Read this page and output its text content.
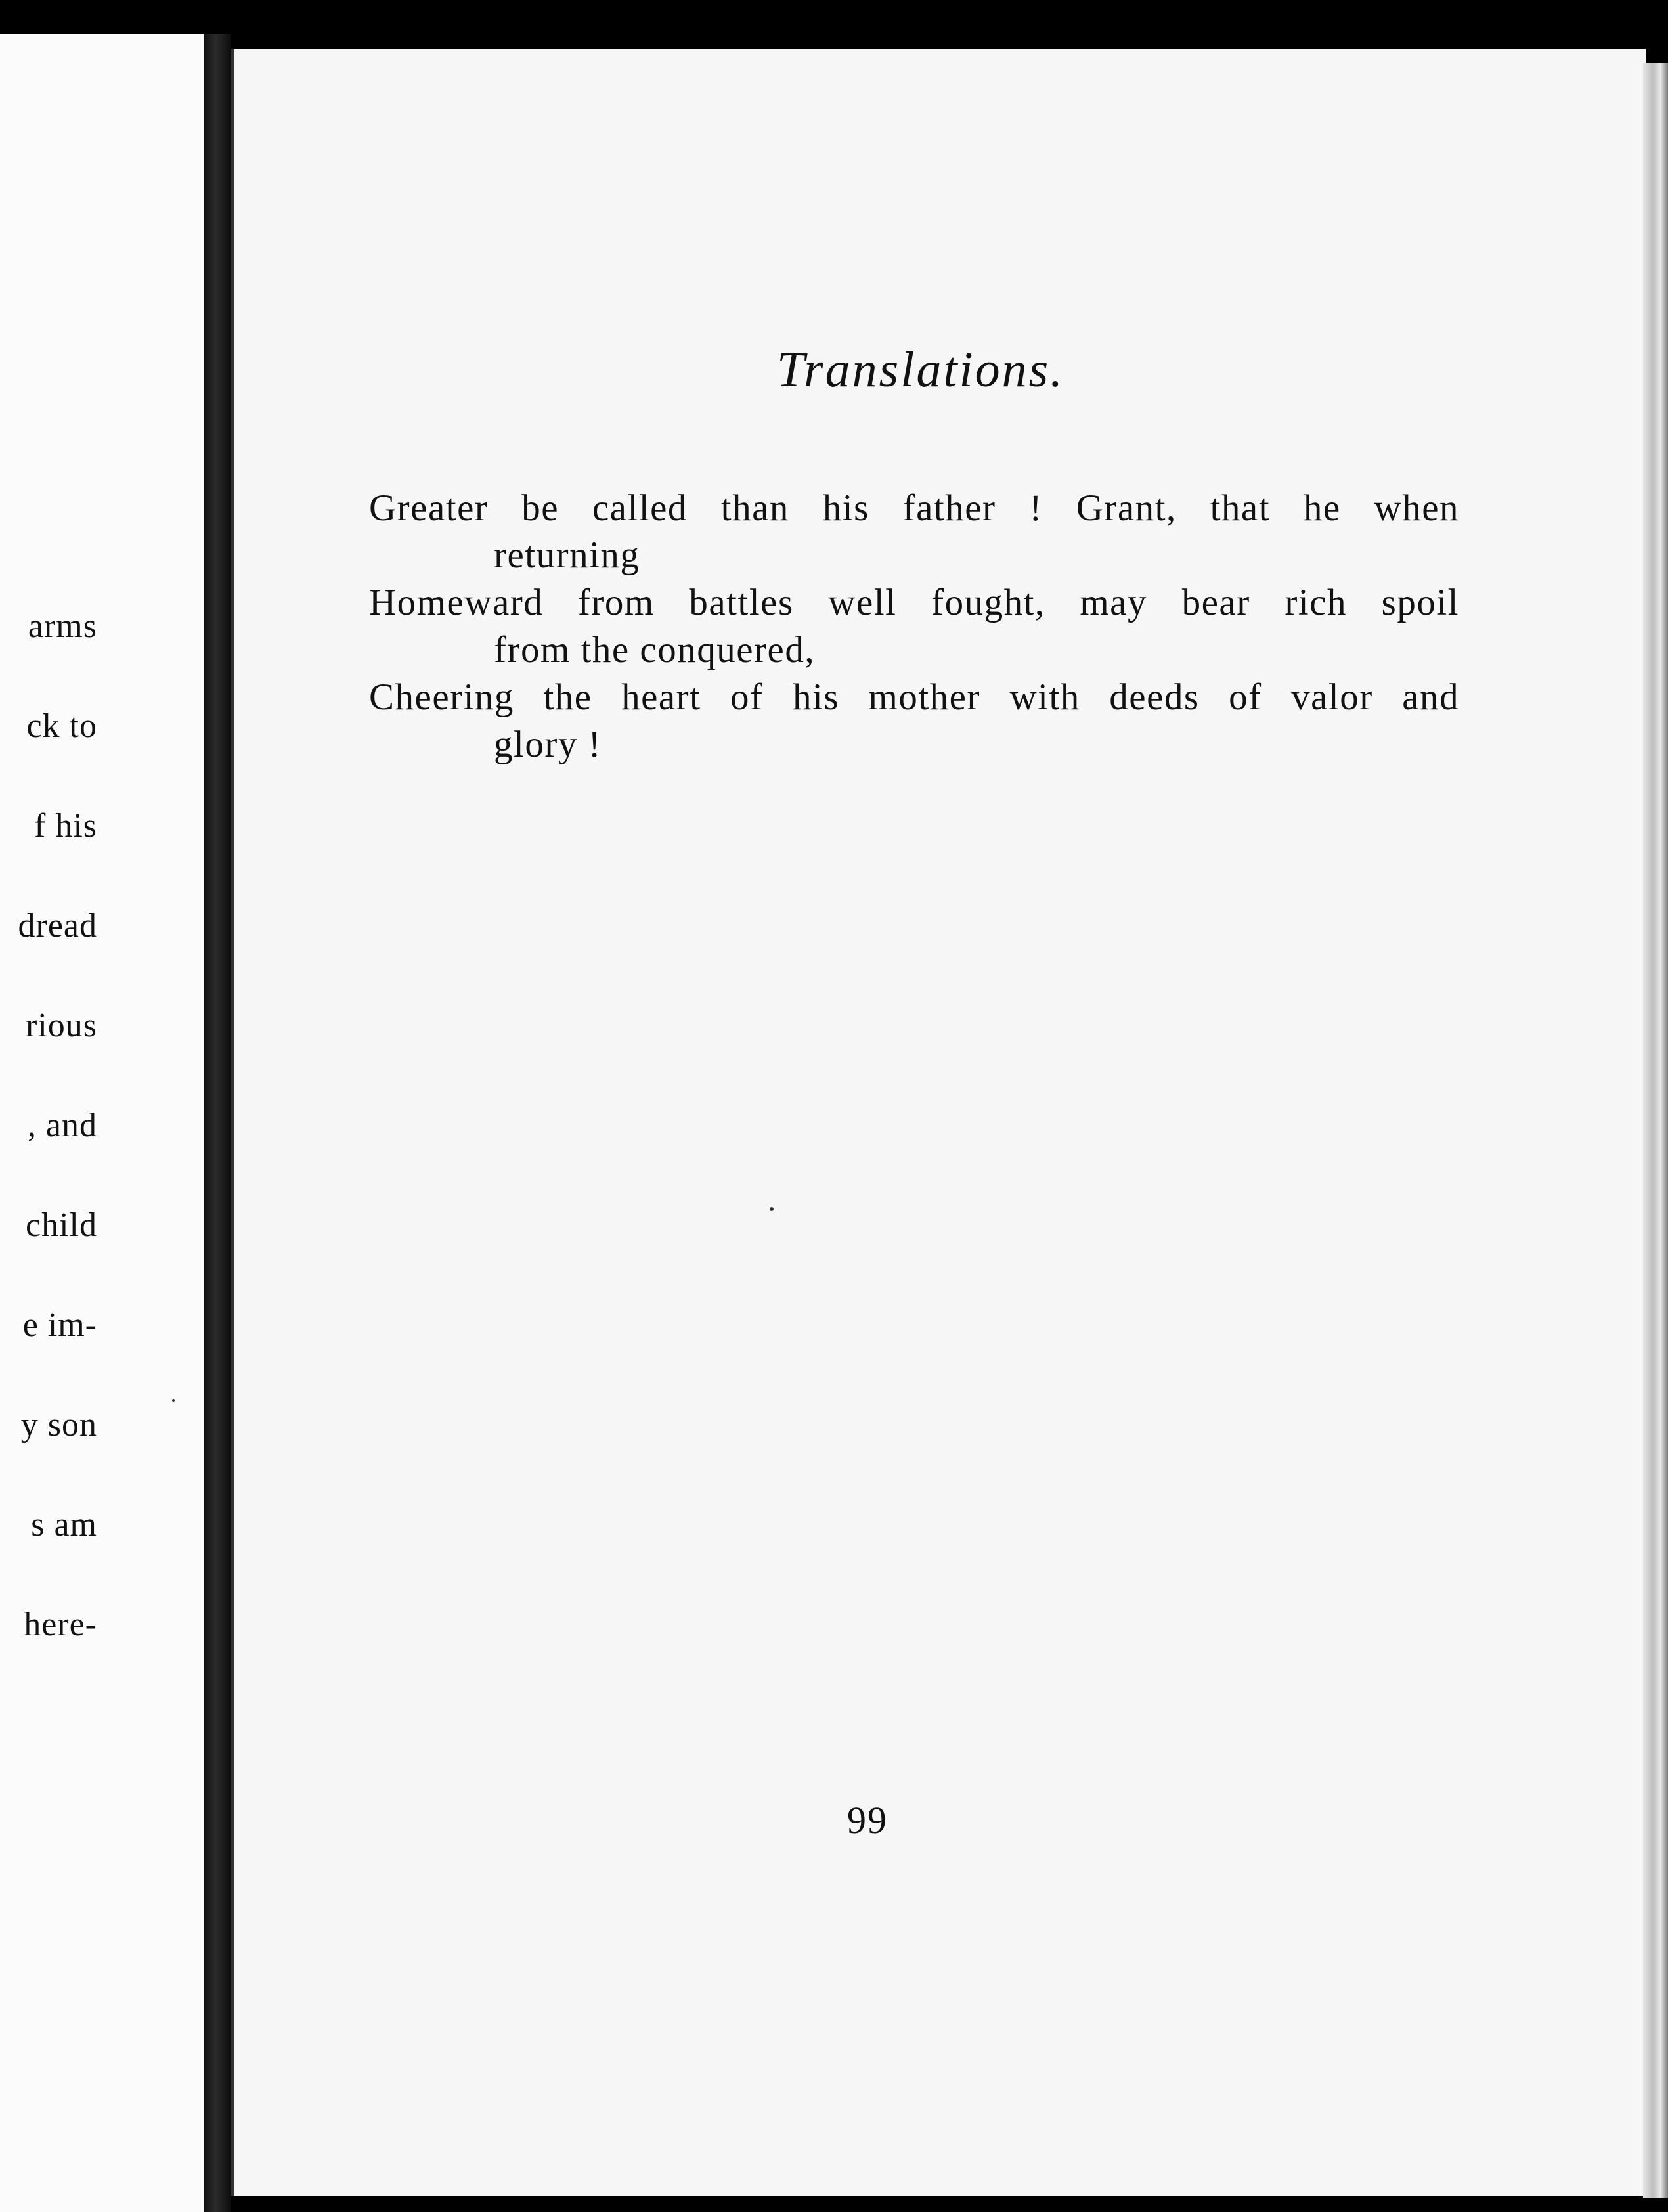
arms
ck to
f his
dread
rious
, and
child
e im-
y son
s am
here-
Translations.
Greater be called than his father ! Grant, that he when
returning
Homeward from battles well fought, may bear rich spoil
from the conquered,
Cheering the heart of his mother with deeds of valor and
glory !
99
